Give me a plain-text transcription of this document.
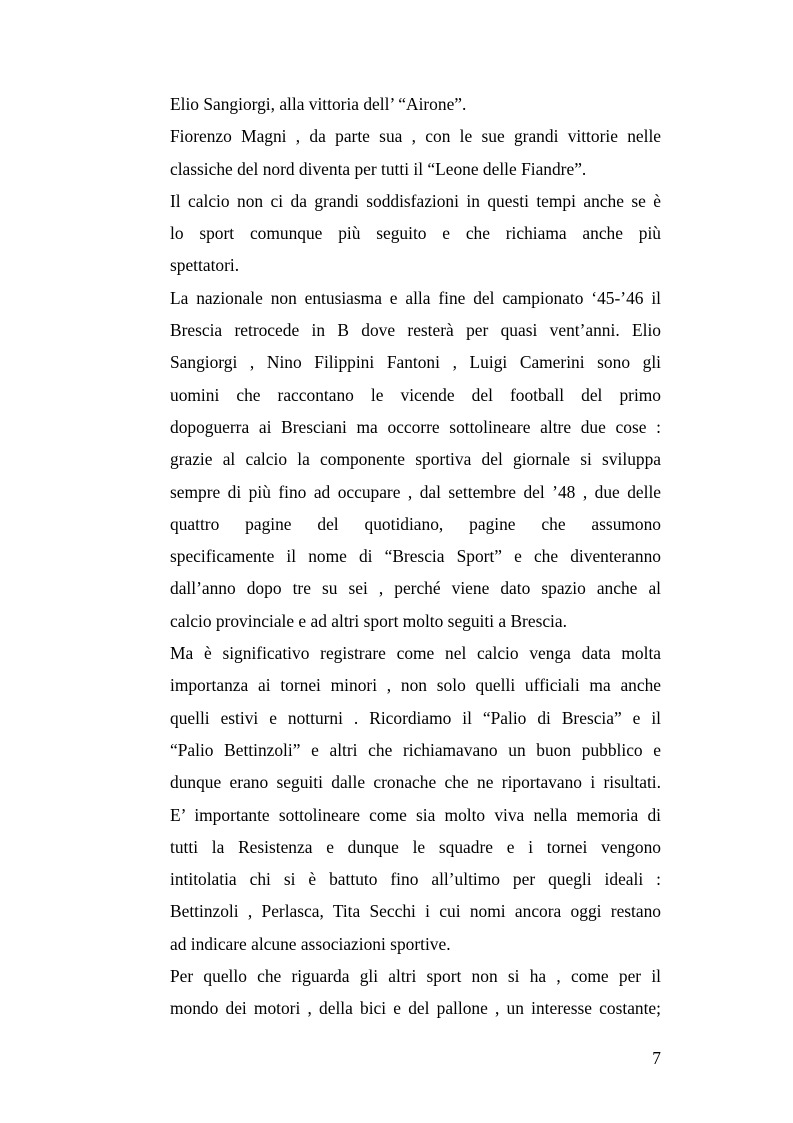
Elio Sangiorgi, alla vittoria dell’ “Airone”.
Fiorenzo Magni , da parte sua , con le sue grandi vittorie nelle
classiche del nord diventa per tutti il “Leone delle Fiandre”.
Il calcio non ci da grandi soddisfazioni in questi tempi anche se è
lo sport comunque più seguito e che richiama anche più
spettatori.
La nazionale non entusiasma e alla fine del campionato ‘45-’46 il
Brescia retrocede in B dove resterà per quasi vent’anni. Elio
Sangiorgi , Nino Filippini Fantoni , Luigi Camerini sono gli
uomini che raccontano le vicende del football del primo
dopoguerra ai Bresciani ma occorre sottolineare altre due cose :
grazie al calcio la componente sportiva del giornale si sviluppa
sempre di più fino ad occupare , dal settembre del ’48 , due delle
quattro pagine del quotidiano, pagine che assumono
specificamente il nome di “Brescia Sport” e che diventeranno
dall’anno dopo tre su sei , perché viene dato spazio anche al
calcio provinciale e ad altri sport molto seguiti a Brescia.
Ma è significativo registrare come nel calcio venga data molta
importanza ai tornei minori , non solo quelli ufficiali ma anche
quelli estivi e notturni . Ricordiamo il “Palio di Brescia” e il
“Palio Bettinzoli” e altri che richiamavano un buon pubblico e
dunque erano seguiti dalle cronache che ne riportavano i risultati.
E’ importante sottolineare come sia molto viva nella memoria di
tutti la Resistenza e dunque le squadre e i tornei vengono
intitolatia chi si è battuto fino all’ultimo per quegli ideali :
Bettinzoli , Perlasca, Tita Secchi i cui nomi ancora oggi restano
ad indicare alcune associazioni sportive.
Per quello che riguarda gli altri sport non si ha , come per il
mondo dei motori , della bici e del pallone , un interesse costante;
7
